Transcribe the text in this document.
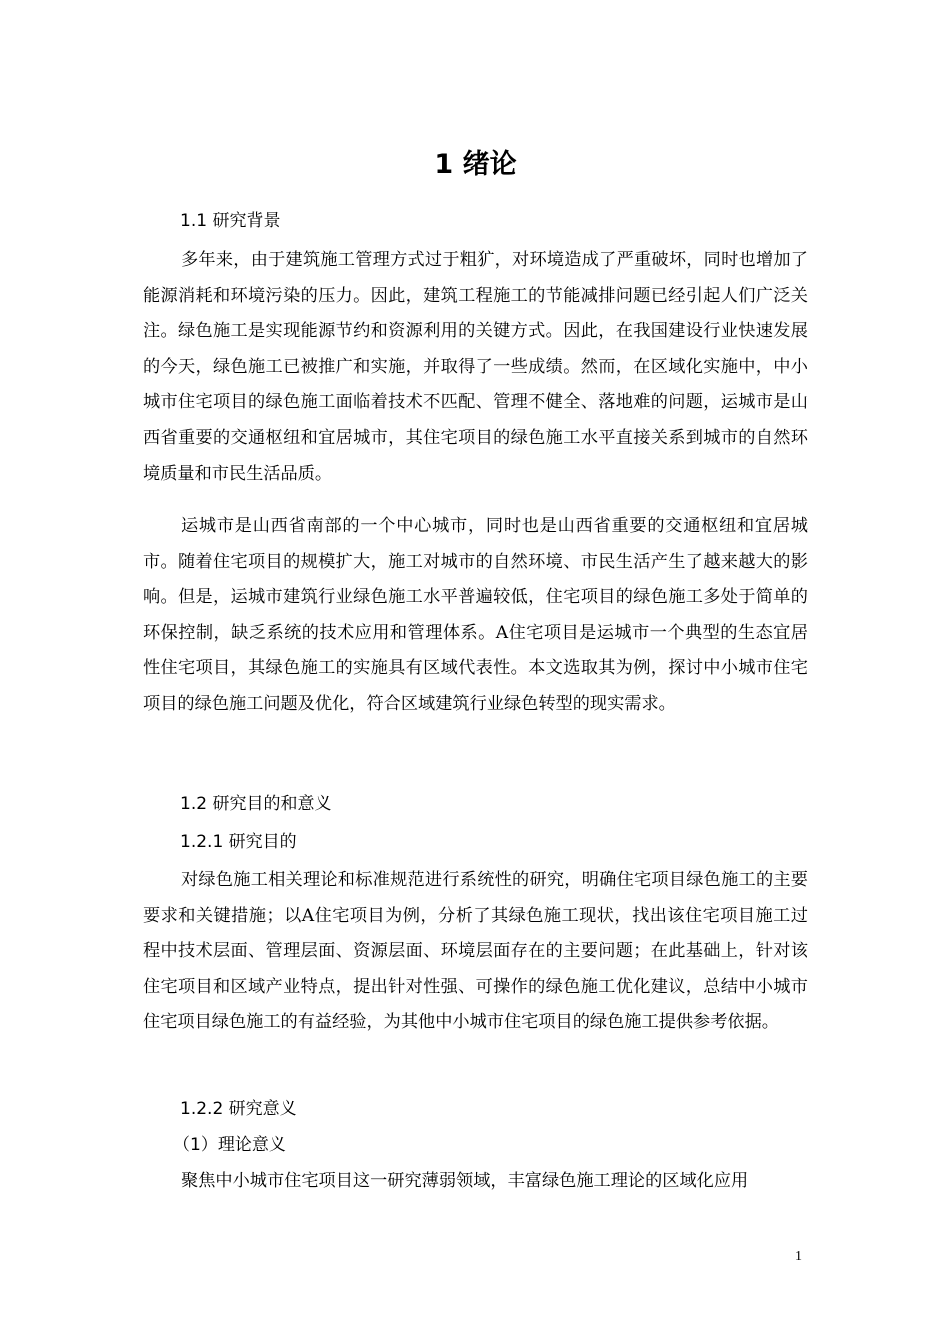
1 绪论
1.1 研究背景

多年来，由于建筑施工管理方式过于粗犷，对环境造成了严重破坏，同时也增加了能源消耗和环境污染的压力。因此，建筑工程施工的节能减排问题已经引起人们广泛关注。绿色施工是实现能源节约和资源利用的关键方式。因此，在我国建设行业快速发展的今天，绿色施工已被推广和实施，并取得了一些成绩。然而，在区域化实施中，中小城市住宅项目的绿色施工面临着技术不匹配、管理不健全、落地难的问题，运城市是山西省重要的交通枢纽和宜居城市，其住宅项目的绿色施工水平直接关系到城市的自然环境质量和市民生活品质。

运城市是山西省南部的一个中心城市，同时也是山西省重要的交通枢纽和宜居城市。随着住宅项目的规模扩大，施工对城市的自然环境、市民生活产生了越来越大的影响。但是，运城市建筑行业绿色施工水平普遍较低，住宅项目的绿色施工多处于简单的环保控制，缺乏系统的技术应用和管理体系。A住宅项目是运城市一个典型的生态宜居性住宅项目，其绿色施工的实施具有区域代表性。本文选取其为例，探讨中小城市住宅项目的绿色施工问题及优化，符合区域建筑行业绿色转型的现实需求。

1.2 研究目的和意义
1.2.1 研究目的

对绿色施工相关理论和标准规范进行系统性的研究，明确住宅项目绿色施工的主要要求和关键措施；以A住宅项目为例，分析了其绿色施工现状，找出该住宅项目施工过程中技术层面、管理层面、资源层面、环境层面存在的主要问题；在此基础上，针对该住宅项目和区域产业特点，提出针对性强、可操作的绿色施工优化建议，总结中小城市住宅项目绿色施工的有益经验，为其他中小城市住宅项目的绿色施工提供参考依据。

1.2.2 研究意义
（1）理论意义

聚焦中小城市住宅项目这一研究薄弱领域，丰富绿色施工理论的区域化应用

1
